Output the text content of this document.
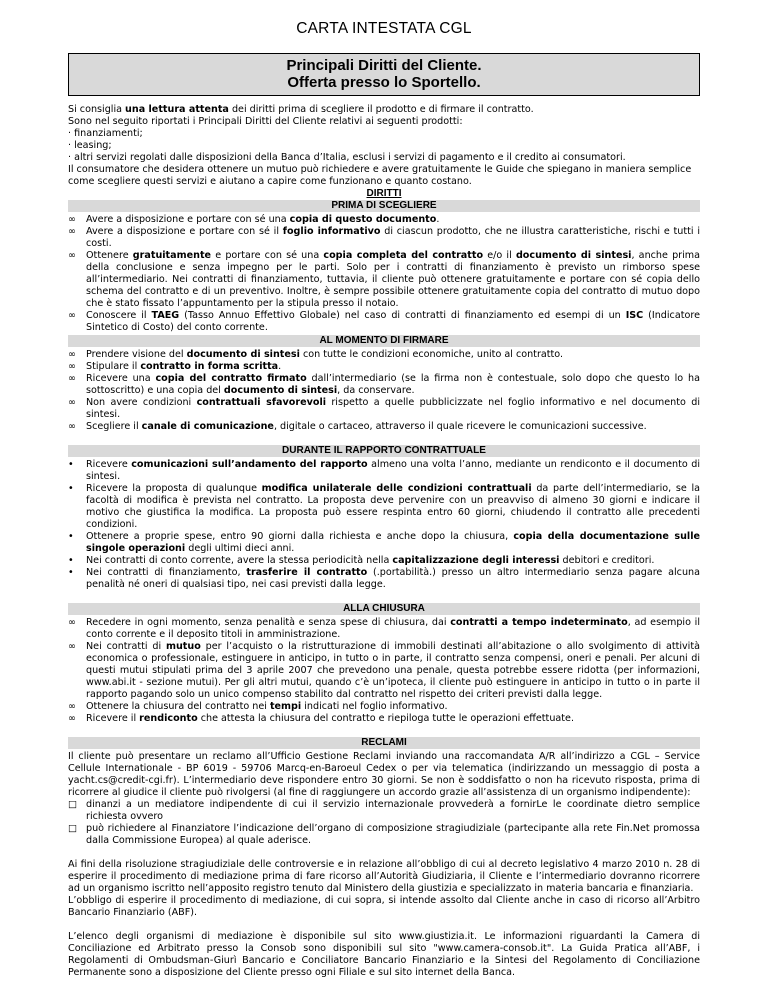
CARTA INTESTATA CGL
Principali Diritti del Cliente.
Offerta presso lo Sportello.

Si consiglia una lettura attenta dei diritti prima di scegliere il prodotto e di firmare il contratto.

Sono nel seguito riportati i Principali Diritti del Cliente relativi ai seguenti prodotti:

· finanziamenti;

· leasing;

· altri servizi regolati dalle disposizioni della Banca d’Italia, esclusi i servizi di pagamento e il credito ai consumatori.

Il consumatore che desidera ottenere un mutuo può richiedere e avere gratuitamente le Guide che spiegano in maniera semplice come scegliere questi servizi e aiutano a capire come funzionano e quanto costano.

DIRITTI
PRIMA DI SCEGLIERE
∞	Avere a disposizione e portare con sé una copia di questo documento.
∞	Avere a disposizione e portare con sé il foglio informativo di ciascun prodotto, che ne illustra caratteristiche, rischi e tutti i costi.
∞	Ottenere gratuitamente e portare con sé una copia completa del contratto e/o il documento di sintesi, anche prima della conclusione e senza impegno per le parti. Solo per i contratti di finanziamento è previsto un rimborso spese all’intermediario. Nei contratti di finanziamento, tuttavia, il cliente può ottenere gratuitamente e portare con sé copia dello schema del contratto e di un preventivo. Inoltre, è sempre possibile ottenere gratuitamente copia del contratto di mutuo dopo che è stato fissato l’appuntamento per la stipula presso il notaio.
∞	Conoscere il TAEG (Tasso Annuo Effettivo Globale) nel caso di contratti di finanziamento ed esempi di un ISC (Indicatore Sintetico di Costo) del conto corrente.
AL MOMENTO DI FIRMARE
∞	Prendere visione del documento di sintesi con tutte le condizioni economiche, unito al contratto.
∞	Stipulare il contratto in forma scritta.
∞	Ricevere una copia del contratto firmato dall’intermediario (se la firma non è contestuale, solo dopo che questo lo ha sottoscritto) e una copia del documento di sintesi, da conservare.
∞	Non avere condizioni contrattuali sfavorevoli rispetto a quelle pubblicizzate nel foglio informativo e nel documento di sintesi.
∞	Scegliere il canale di comunicazione, digitale o cartaceo, attraverso il quale ricevere le comunicazioni successive.
DURANTE IL RAPPORTO CONTRATTUALE
•	Ricevere comunicazioni sull’andamento del rapporto almeno una volta l’anno, mediante un rendiconto e il documento di sintesi.
•	Ricevere la proposta di qualunque modifica unilaterale delle condizioni contrattuali da parte dell’intermediario, se la facoltà di modifica è prevista nel contratto. La proposta deve pervenire con un preavviso di almeno 30 giorni e indicare il motivo che giustifica la modifica. La proposta può essere respinta entro 60 giorni, chiudendo il contratto alle precedenti condizioni.
•	Ottenere a proprie spese, entro 90 giorni dalla richiesta e anche dopo la chiusura, copia della documentazione sulle singole operazioni degli ultimi dieci anni.
•	Nei contratti di conto corrente, avere la stessa periodicità nella capitalizzazione degli interessi debitori e creditori.
•	Nei contratti di finanziamento, trasferire il contratto (.portabilità.) presso un altro intermediario senza pagare alcuna penalità né oneri di qualsiasi tipo, nei casi previsti dalla legge.
ALLA CHIUSURA
∞	Recedere in ogni momento, senza penalità e senza spese di chiusura, dai contratti a tempo indeterminato, ad esempio il conto corrente e il deposito titoli in amministrazione.
∞	Nei contratti di mutuo per l’acquisto o la ristrutturazione di immobili destinati all’abitazione o allo svolgimento di attività economica o professionale, estinguere in anticipo, in tutto o in parte, il contratto senza compensi, oneri e penali. Per alcuni di questi mutui stipulati prima del 3 aprile 2007 che prevedono una penale, questa potrebbe essere ridotta (per informazioni, www.abi.it - sezione mutui). Per gli altri mutui, quando c’è un’ipoteca, il cliente può estinguere in anticipo in tutto o in parte il rapporto pagando solo un unico compenso stabilito dal contratto nel rispetto dei criteri previsti dalla legge.
∞	Ottenere la chiusura del contratto nei tempi indicati nel foglio informativo.
∞	Ricevere il rendiconto che attesta la chiusura del contratto e riepiloga tutte le operazioni effettuate.
RECLAMI

Il cliente può presentare un reclamo all’Ufficio Gestione Reclami inviando una raccomandata A/R all’indirizzo a CGL – Service Cellule Internationale - BP 6019 - 59706 Marcq-en-Baroeul Cedex o per via telematica (indirizzando un messaggio di posta a yacht.cs@credit-cgi.fr). L’intermediario deve rispondere entro 30 giorni. Se non è soddisfatto o non ha ricevuto risposta, prima di ricorrere al giudice il cliente può rivolgersi (al fine di raggiungere un accordo grazie all’assistenza di un organismo indipendente):

□ dinanzi a un mediatore indipendente di cui il servizio internazionale provvederà a fornirLe le coordinate dietro semplice richiesta ovvero
□ può richiedere al Finanziatore l’indicazione dell’organo di composizione stragiudiziale (partecipante alla rete Fin.Net promossa dalla Commissione Europea) al quale aderisce.

Ai fini della risoluzione stragiudiziale delle controversie e in relazione all’obbligo di cui al decreto legislativo 4 marzo 2010 n. 28 di esperire il procedimento di mediazione prima di fare ricorso all’Autorità Giudiziaria, il Cliente e l’intermediario dovranno ricorrere ad un organismo iscritto nell’apposito registro tenuto dal Ministero della giustizia e specializzato in materia bancaria e finanziaria.

L’obbligo di esperire il procedimento di mediazione, di cui sopra, si intende assolto dal Cliente anche in caso di ricorso all’Arbitro Bancario Finanziario (ABF).

L’elenco degli organismi di mediazione è disponibile sul sito www.giustizia.it. Le informazioni riguardanti la Camera di Conciliazione ed Arbitrato presso la Consob sono disponibili sul sito "www.camera-consob.it". La Guida Pratica all’ABF, i Regolamenti di Ombudsman-Giurì Bancario e Conciliatore Bancario Finanziario e la Sintesi del Regolamento di Conciliazione Permanente sono a disposizione del Cliente presso ogni Filiale e sul sito internet della Banca.
